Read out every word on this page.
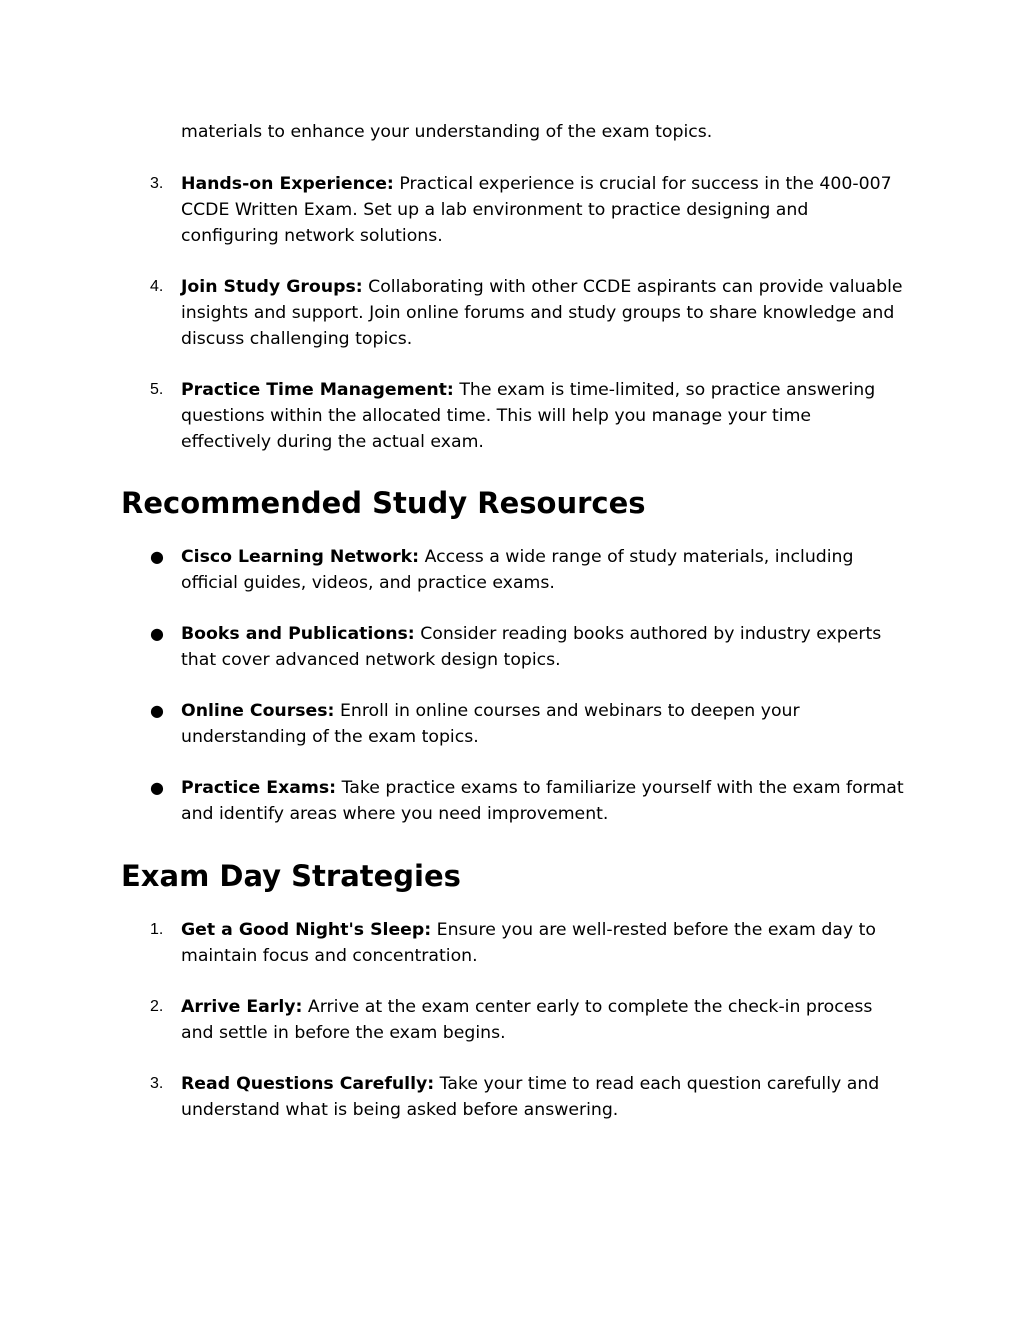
materials to enhance your understanding of the exam topics.

3.	Hands-on Experience: Practical experience is crucial for success in the 400-007 CCDE Written Exam. Set up a lab environment to practice designing and configuring network solutions.

4.	Join Study Groups: Collaborating with other CCDE aspirants can provide valuable insights and support. Join online forums and study groups to share knowledge and discuss challenging topics.

5.	Practice Time Management: The exam is time-limited, so practice answering questions within the allocated time. This will help you manage your time effectively during the actual exam.

Recommended Study Resources
● Cisco Learning Network: Access a wide range of study materials, including official guides, videos, and practice exams.

● Books and Publications: Consider reading books authored by industry experts that cover advanced network design topics.

● Online Courses: Enroll in online courses and webinars to deepen your understanding of the exam topics.

● Practice Exams: Take practice exams to familiarize yourself with the exam format and identify areas where you need improvement.

Exam Day Strategies
1.	Get a Good Night's Sleep: Ensure you are well-rested before the exam day to maintain focus and concentration.

2.	Arrive Early: Arrive at the exam center early to complete the check-in process and settle in before the exam begins.

3.	Read Questions Carefully: Take your time to read each question carefully and understand what is being asked before answering.
